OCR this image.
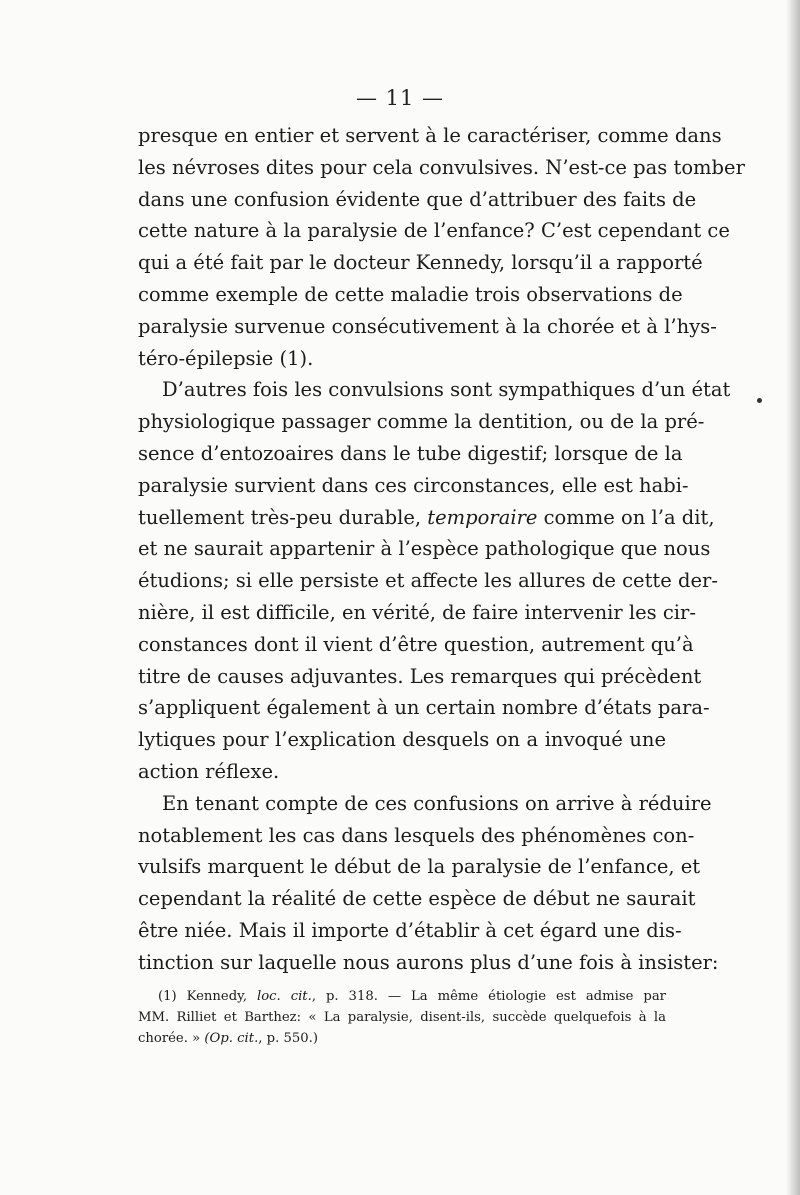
— 11 —
presque en entier et servent à le caractériser, comme dans
les névroses dites pour cela convulsives. N’est-ce pas tomber
dans une confusion évidente que d’attribuer des faits de
cette nature à la paralysie de l’enfance? C’est cependant ce
qui a été fait par le docteur Kennedy, lorsqu’il a rapporté
comme exemple de cette maladie trois observations de
paralysie survenue consécutivement à la chorée et à l’hys-
téro-épilepsie (1).
D’autres fois les convulsions sont sympathiques d’un état
physiologique passager comme la dentition, ou de la pré-
sence d’entozoaires dans le tube digestif; lorsque de la
paralysie survient dans ces circonstances, elle est habi-
tuellement très-peu durable, temporaire comme on l’a dit,
et ne saurait appartenir à l’espèce pathologique que nous
étudions; si elle persiste et affecte les allures de cette der-
nière, il est difficile, en vérité, de faire intervenir les cir-
constances dont il vient d’être question, autrement qu’à
titre de causes adjuvantes. Les remarques qui précèdent
s’appliquent également à un certain nombre d’états para-
lytiques pour l’explication desquels on a invoqué une
action réflexe.
En tenant compte de ces confusions on arrive à réduire
notablement les cas dans lesquels des phénomènes con-
vulsifs marquent le début de la paralysie de l’enfance, et
cependant la réalité de cette espèce de début ne saurait
être niée. Mais il importe d’établir à cet égard une dis-
tinction sur laquelle nous aurons plus d’une fois à insister:
(1) Kennedy, loc. cit., p. 318. — La même étiologie est admise par
MM. Rilliet et Barthez: « La paralysie, disent-ils, succède quelquefois à la
chorée. » (Op. cit., p. 550.)
